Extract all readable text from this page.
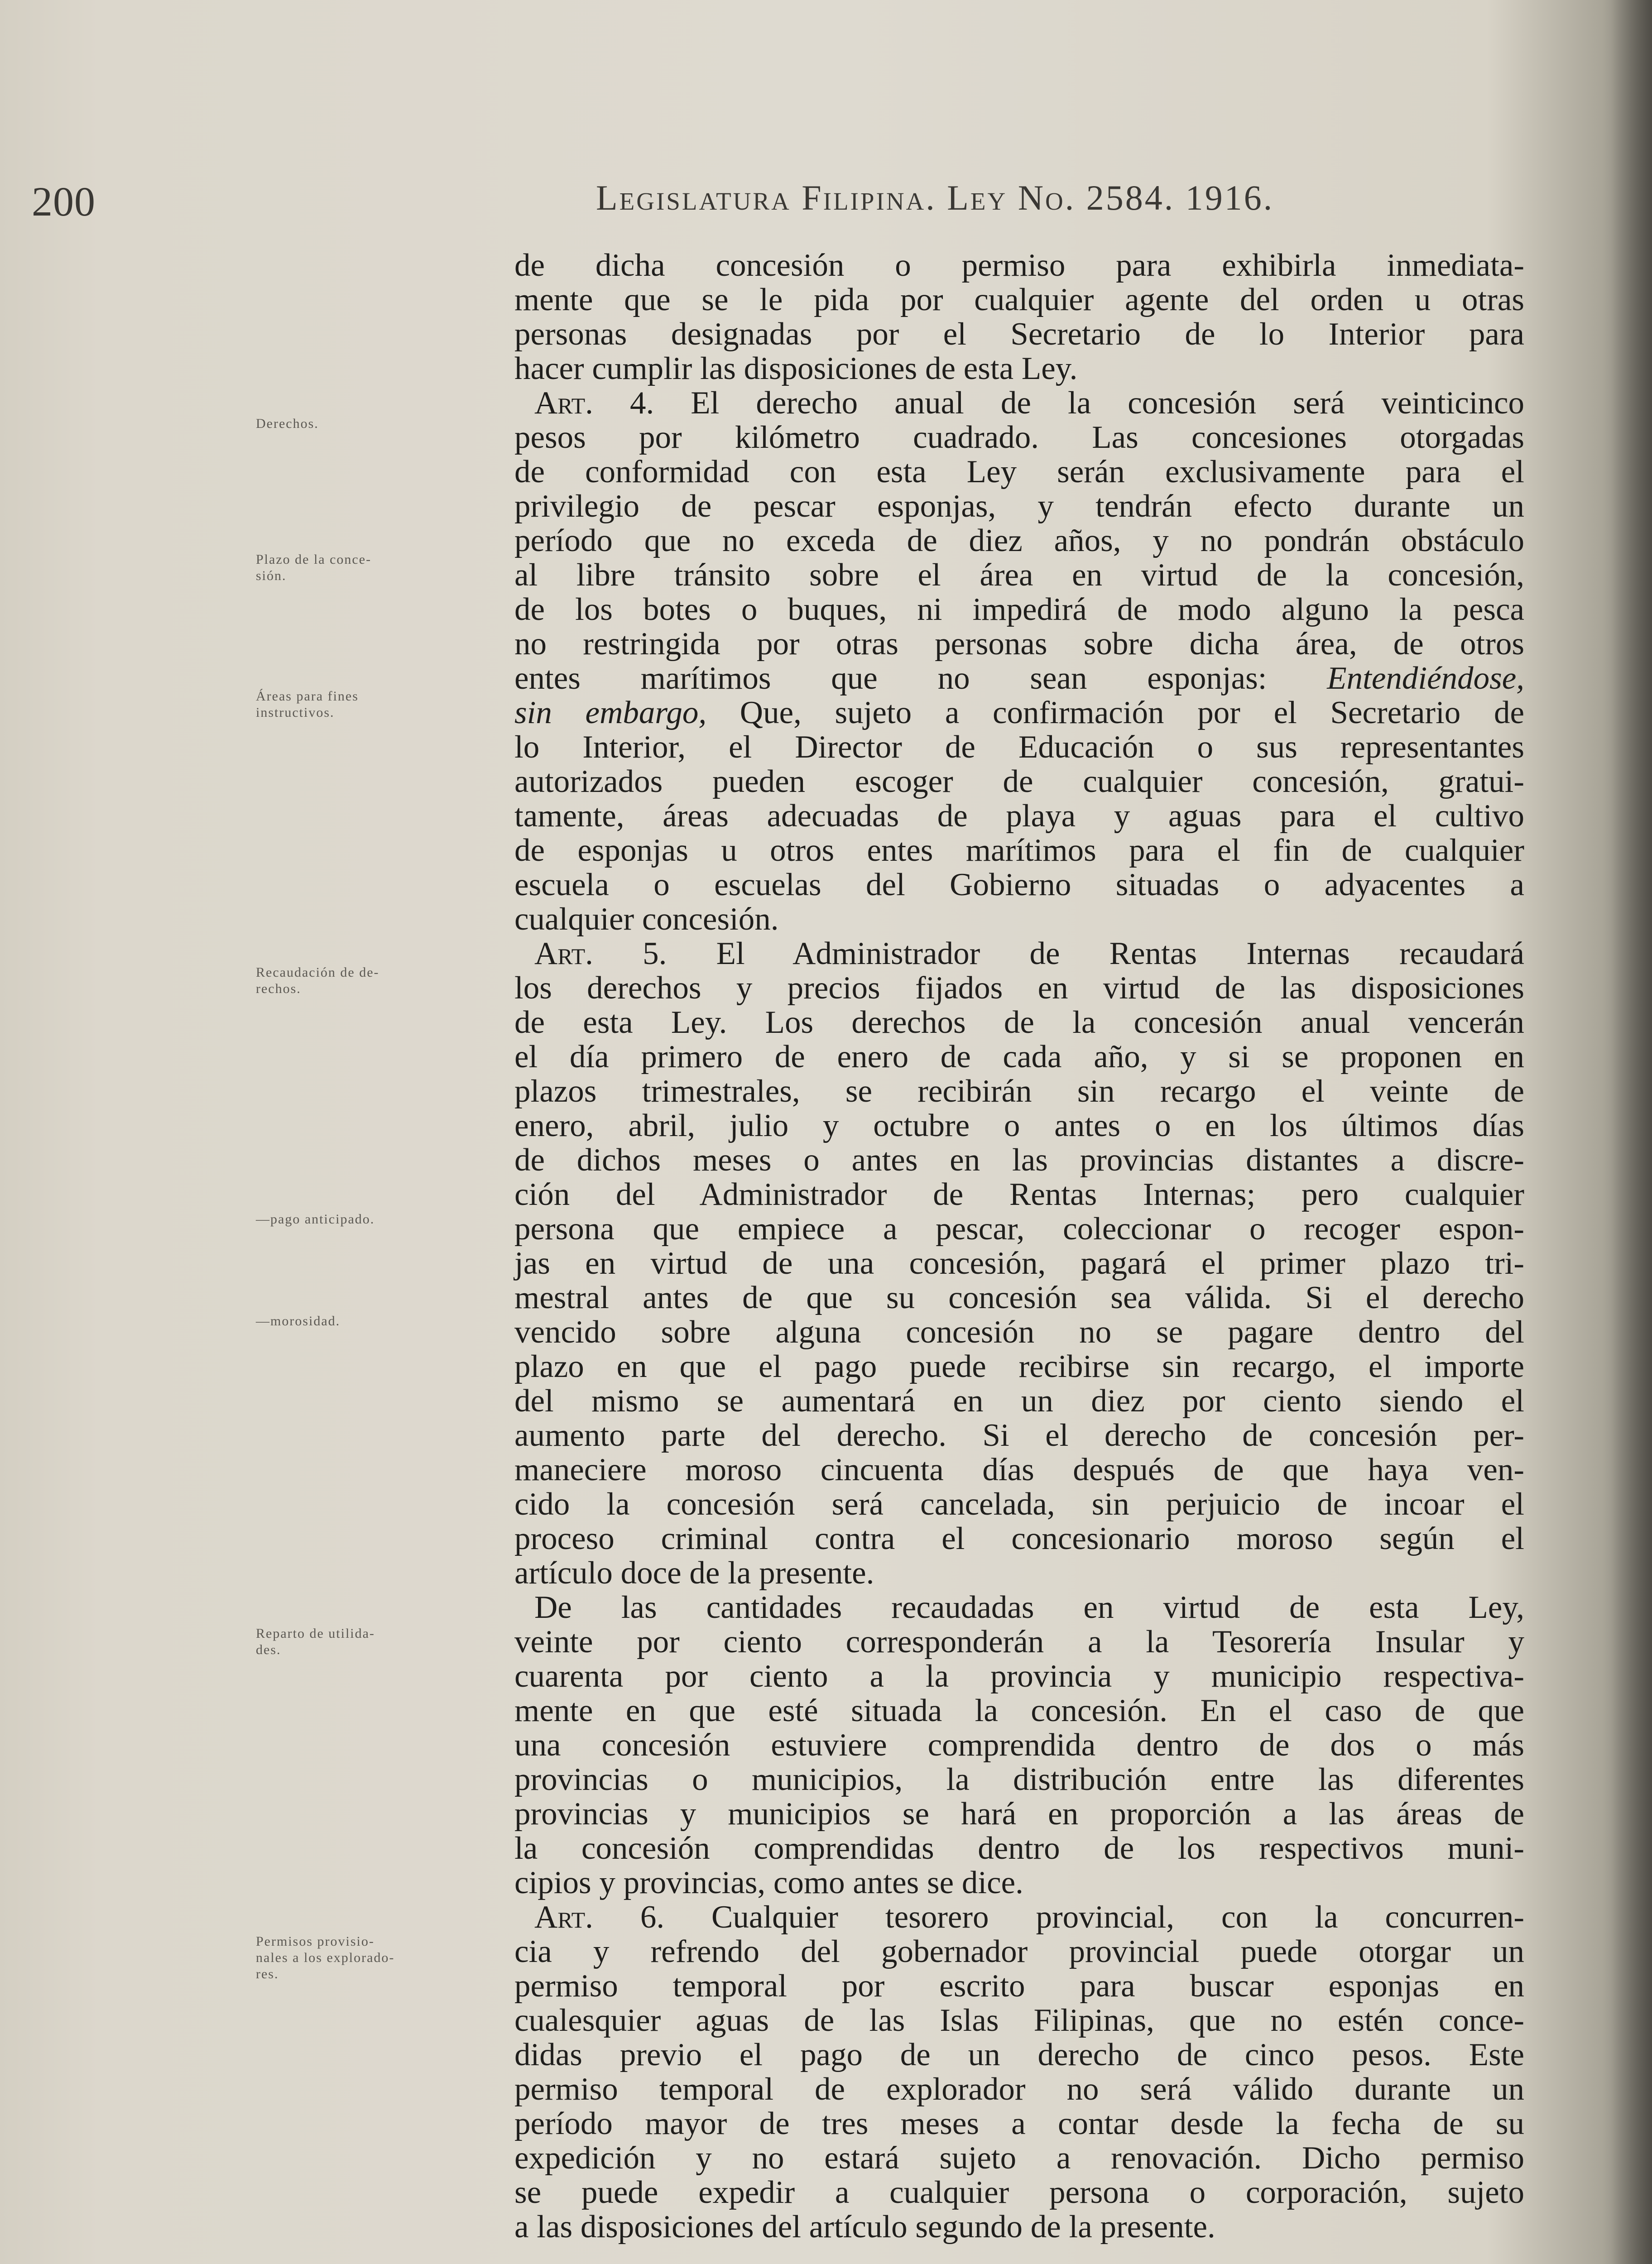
200	Legislatura Filipina. Ley No. 2584. 1916.
Derechos.
Plazo de la conce-
sión.
Áreas para fines
instructivos.
Recaudación de de-
rechos.
—pago anticipado.
—morosidad.
Reparto de utilida-
des.
Permisos provisio-
nales a los explorado-
res.
de dicha concesión o permiso para exhibirla inmediata-
mente que se le pida por cualquier agente del orden u otras
personas designadas por el Secretario de lo Interior para
hacer cumplir las disposiciones de esta Ley.
Art. 4. El derecho anual de la concesión será veinticinco
pesos por kilómetro cuadrado. Las concesiones otorgadas
de conformidad con esta Ley serán exclusivamente para el
privilegio de pescar esponjas, y tendrán efecto durante un
período que no exceda de diez años, y no pondrán obstáculo
al libre tránsito sobre el área en virtud de la concesión,
de los botes o buques, ni impedirá de modo alguno la pesca
no restringida por otras personas sobre dicha área, de otros
entes marítimos que no sean esponjas: Entendiéndose,
sin embargo, Que, sujeto a confirmación por el Secretario de
lo Interior, el Director de Educación o sus representantes
autorizados pueden escoger de cualquier concesión, gratui-
tamente, áreas adecuadas de playa y aguas para el cultivo
de esponjas u otros entes marítimos para el fin de cualquier
escuela o escuelas del Gobierno situadas o adyacentes a
cualquier concesión.
Art. 5. El Administrador de Rentas Internas recaudará
los derechos y precios fijados en virtud de las disposiciones
de esta Ley. Los derechos de la concesión anual vencerán
el día primero de enero de cada año, y si se proponen en
plazos trimestrales, se recibirán sin recargo el veinte de
enero, abril, julio y octubre o antes o en los últimos días
de dichos meses o antes en las provincias distantes a discre-
ción del Administrador de Rentas Internas; pero cualquier
persona que empiece a pescar, coleccionar o recoger espon-
jas en virtud de una concesión, pagará el primer plazo tri-
mestral antes de que su concesión sea válida. Si el derecho
vencido sobre alguna concesión no se pagare dentro del
plazo en que el pago puede recibirse sin recargo, el importe
del mismo se aumentará en un diez por ciento siendo el
aumento parte del derecho. Si el derecho de concesión per-
maneciere moroso cincuenta días después de que haya ven-
cido la concesión será cancelada, sin perjuicio de incoar el
proceso criminal contra el concesionario moroso según el
artículo doce de la presente.
De las cantidades recaudadas en virtud de esta Ley,
veinte por ciento corresponderán a la Tesorería Insular y
cuarenta por ciento a la provincia y municipio respectiva-
mente en que esté situada la concesión. En el caso de que
una concesión estuviere comprendida dentro de dos o más
provincias o municipios, la distribución entre las diferentes
provincias y municipios se hará en proporción a las áreas de
la concesión comprendidas dentro de los respectivos muni-
cipios y provincias, como antes se dice.
Art. 6. Cualquier tesorero provincial, con la concurren-
cia y refrendo del gobernador provincial puede otorgar un
permiso temporal por escrito para buscar esponjas en
cualesquier aguas de las Islas Filipinas, que no estén conce-
didas previo el pago de un derecho de cinco pesos. Este
permiso temporal de explorador no será válido durante un
período mayor de tres meses a contar desde la fecha de su
expedición y no estará sujeto a renovación. Dicho permiso
se puede expedir a cualquier persona o corporación, sujeto
a las disposiciones del artículo segundo de la presente.
